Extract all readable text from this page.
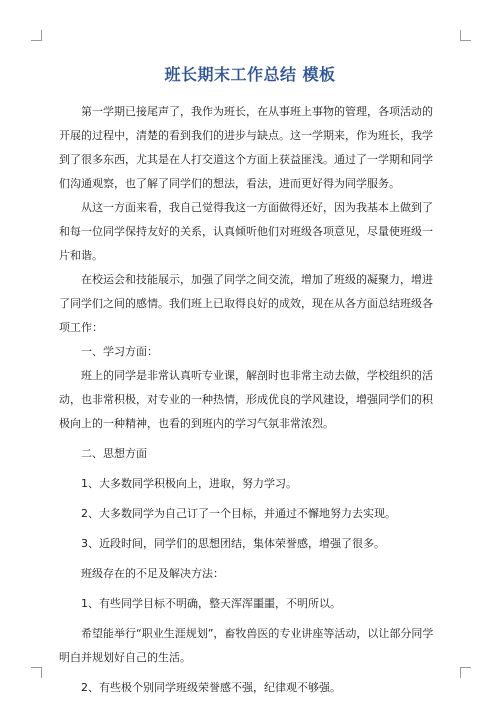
班长期末工作总结 模板

第一学期已接尾声了，我作为班长，在从事班上事物的管理，各项活动的开展的过程中，清楚的看到我们的进步与缺点。这一学期来，作为班长，我学到了很多东西，尤其是在人打交道这个方面上获益匪浅。通过了一学期和同学们沟通观察，也了解了同学们的想法，看法，进而更好得为同学服务。

从这一方面来看，我自己觉得我这一方面做得还好，因为我基本上做到了和每一位同学保持友好的关系，认真倾听他们对班级各项意见，尽量使班级一片和谐。

在校运会和技能展示，加强了同学之间交流，增加了班级的凝聚力，增进了同学们之间的感情。我们班上已取得良好的成效，现在从各方面总结班级各项工作：

一、学习方面：

班上的同学是非常认真听专业课，解剖时也非常主动去做，学校组织的活动，也非常积极，对专业的一种热情，形成优良的学风建设，增强同学们的积极向上的一种精神，也看的到班内的学习气氛非常浓烈。

二、思想方面

1、大多数同学积极向上，进取，努力学习。

2、大多数同学为自己订了一个目标，并通过不懈地努力去实现。

3、近段时间，同学们的思想团结，集体荣誉感，增强了很多。

班级存在的不足及解决方法：

1、有些同学目标不明确，整天浑浑噩噩，不明所以。

希望能举行“职业生涯规划”，畜牧兽医的专业讲座等活动，以让部分同学明白并规划好自己的生活。

2、有些极个别同学班级荣誉感不强，纪律观不够强。
